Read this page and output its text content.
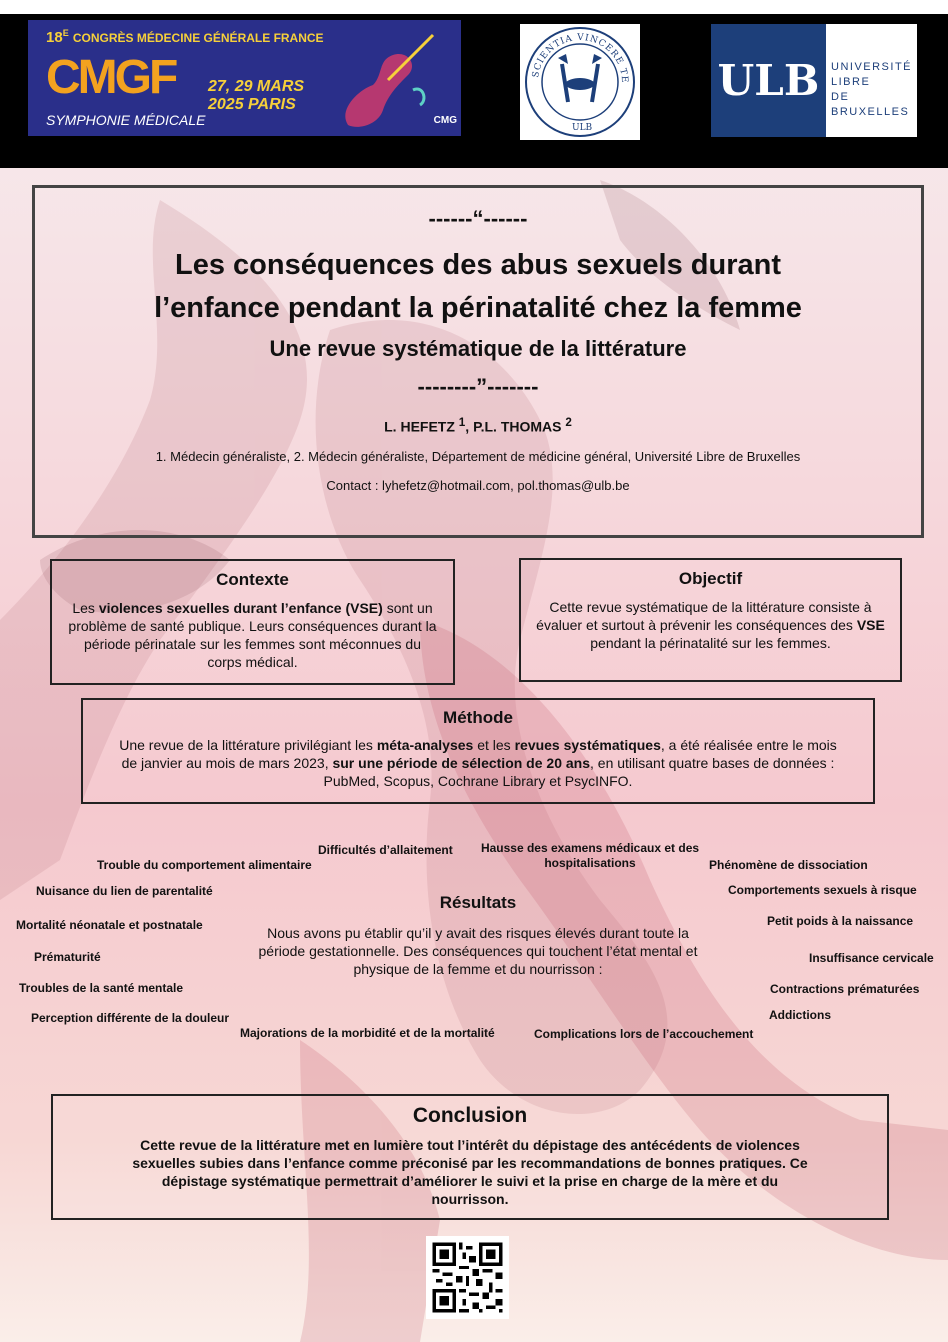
$18^E$ CONGRÈS MÉDECINE GÉNÉRALE FRANCE
CMGF
SYMPHONIE MÉDICALE
27, 29 MARS
2025 PARIS
CMG
SCIENTIA VINCERE TE
ULB
ULB	UNIVERSITÉ
LIBRE
DE BRUXELLES
------“------
Les conséquences des abus sexuels durant
l’enfance pendant la périnatalité chez la femme
Une revue systématique de la littérature
--------”-------
L. HEFETZ $^1$, P.L. THOMAS $^2$
1. Médecin généraliste, 2. Médecin généraliste, Département de médicine général, Université Libre de Bruxelles
Contact : lyhefetz@hotmail.com, pol.thomas@ulb.be
Contexte
Les violences sexuelles durant l’enfance (VSE) sont un problème de santé publique. Leurs conséquences durant la période périnatale sur les femmes sont méconnues du corps médical.
Objectif
Cette revue systématique de la littérature consiste à évaluer et surtout à prévenir les conséquences des VSE pendant la périnatalité sur les femmes.
Méthode
Une revue de la littérature privilégiant les méta-analyses et les revues systématiques, a été réalisée entre le mois de janvier au mois de mars 2023, sur une période de sélection de 20 ans, en utilisant quatre bases de données : PubMed, Scopus, Cochrane Library et PsycINFO.
Résultats
Nous avons pu établir qu’il y avait des risques élevés durant toute la période gestationnelle. Des conséquences qui touchent l’état mental et physique de la femme et du nourrisson :
Difficultés d’allaitement	Hausse des examens médicaux et des hospitalisations
Trouble du comportement alimentaire	Phénomène de dissociation
Nuisance du lien de parentalité	Comportements sexuels à risque
Mortalité néonatale et postnatale	Petit poids à la naissance
Prématurité	Insuffisance cervicale
Troubles de la santé mentale	Contractions prématurées
Perception différente de la douleur	Addictions
Majorations de la morbidité et de la mortalité	Complications lors de l’accouchement
Conclusion
Cette revue de la littérature met en lumière tout l’intérêt du dépistage des antécédents de violences sexuelles subies dans l’enfance comme préconisé par les recommandations de bonnes pratiques. Ce dépistage systématique permettrait d’améliorer le suivi et la prise en charge de la mère et du nourrisson.
